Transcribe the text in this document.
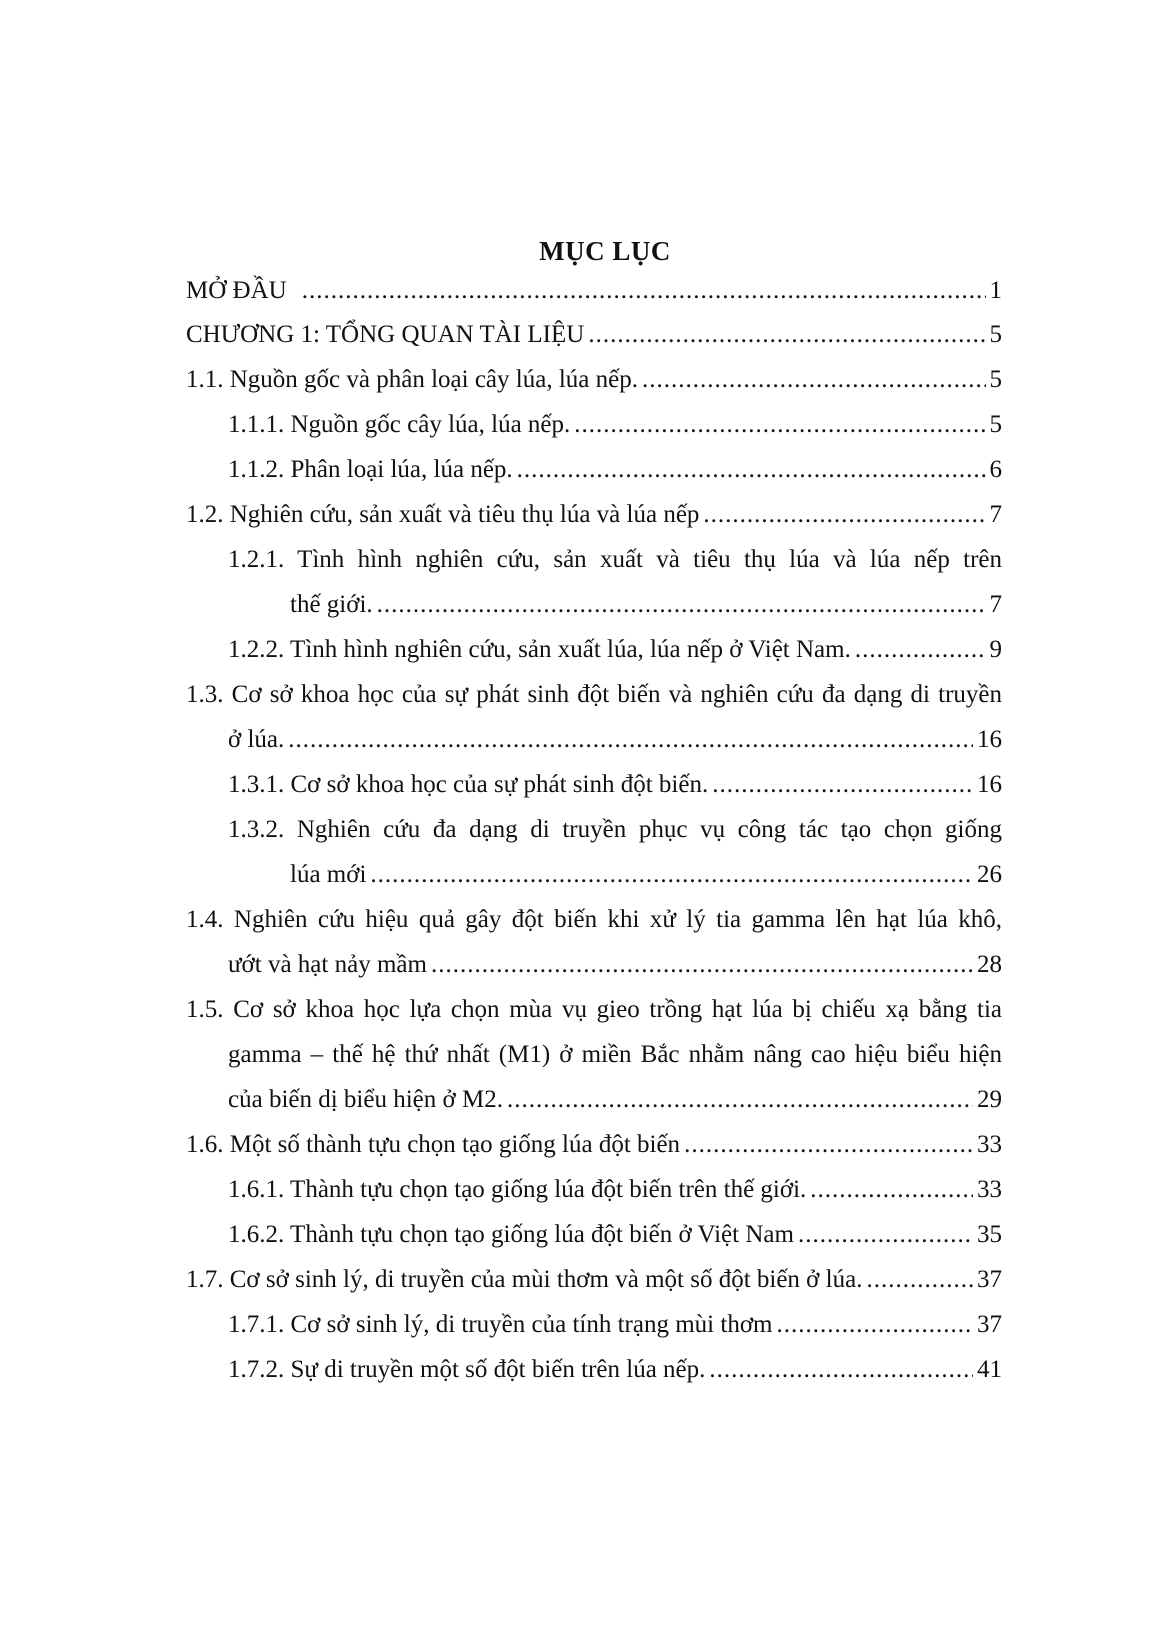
MỤC LỤC
MỞ ĐẦU .....	1
CHƯƠNG 1: TỔNG QUAN TÀI LIỆU .....	5
1.1. Nguồn gốc và phân loại cây lúa, lúa nếp. .....	5
1.1.1. Nguồn gốc cây lúa, lúa nếp. .....	5
1.1.2. Phân loại lúa, lúa nếp. .....	6
1.2. Nghiên cứu, sản xuất và tiêu thụ lúa và lúa nếp .....	7
1.2.1. Tình hình nghiên cứu, sản xuất và tiêu thụ lúa và lúa nếp trên
thế giới. .....	7
1.2.2. Tình hình nghiên cứu, sản xuất lúa, lúa nếp ở Việt Nam. .....	9
1.3. Cơ sở khoa học của sự phát sinh đột biến và nghiên cứu đa dạng di truyền
ở lúa. .....	16
1.3.1. Cơ sở khoa học của sự phát sinh đột biến. .....	16
1.3.2. Nghiên cứu đa dạng di truyền phục vụ công tác tạo chọn giống
lúa mới .....	26
1.4. Nghiên cứu hiệu quả gây đột biến khi xử lý tia gamma lên hạt lúa khô,
ướt và hạt nảy mầm .....	28
1.5. Cơ sở khoa học lựa chọn mùa vụ gieo trồng hạt lúa bị chiếu xạ bằng tia
gamma – thế hệ thứ nhất (M1) ở miền Bắc nhằm nâng cao hiệu biểu hiện
của biến dị biểu hiện ở M2. .....	29
1.6. Một số thành tựu chọn tạo giống lúa đột biến .....	33
1.6.1. Thành tựu chọn tạo giống lúa đột biến trên thế giới. .....	33
1.6.2. Thành tựu chọn tạo giống lúa đột biến ở Việt Nam .....	35
1.7. Cơ sở sinh lý, di truyền của mùi thơm và một số đột biến ở lúa. .....	37
1.7.1. Cơ sở sinh lý, di truyền của tính trạng mùi thơm .....	37
1.7.2. Sự di truyền một số đột biến trên lúa nếp. .....	41
